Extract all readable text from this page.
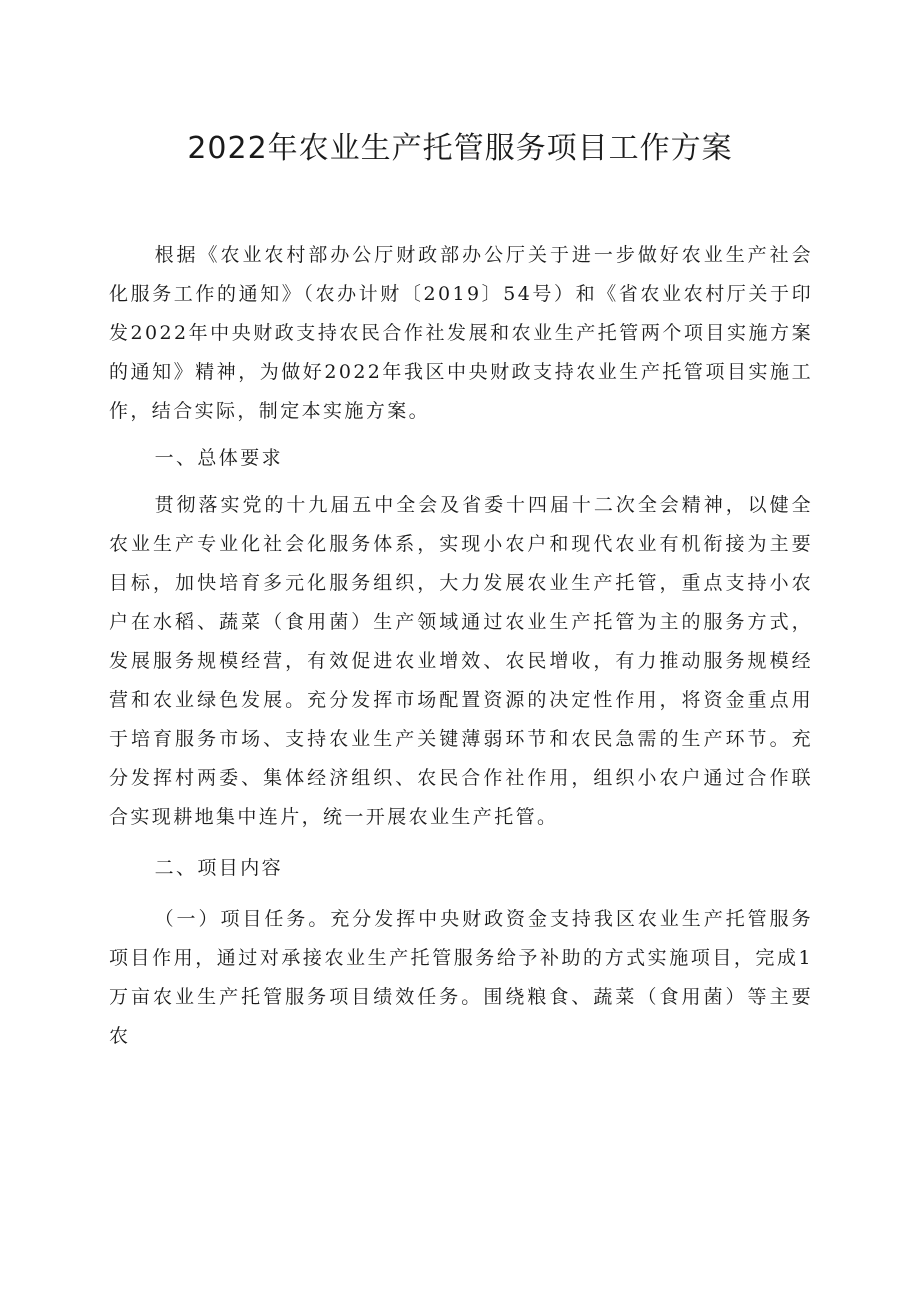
2022年农业生产托管服务项目工作方案

根据《农业农村部办公厅财政部办公厅关于进一步做好农业生产社会化服务工作的通知》（农办计财〔2019〕54号）和《省农业农村厅关于印发2022年中央财政支持农民合作社发展和农业生产托管两个项目实施方案的通知》精神，为做好2022年我区中央财政支持农业生产托管项目实施工作，结合实际，制定本实施方案。

一、总体要求

贯彻落实党的十九届五中全会及省委十四届十二次全会精神，以健全农业生产专业化社会化服务体系，实现小农户和现代农业有机衔接为主要目标，加快培育多元化服务组织，大力发展农业生产托管，重点支持小农户在水稻、蔬菜（食用菌）生产领域通过农业生产托管为主的服务方式，发展服务规模经营，有效促进农业增效、农民增收，有力推动服务规模经营和农业绿色发展。充分发挥市场配置资源的决定性作用，将资金重点用于培育服务市场、支持农业生产关键薄弱环节和农民急需的生产环节。充分发挥村两委、集体经济组织、农民合作社作用，组织小农户通过合作联合实现耕地集中连片，统一开展农业生产托管。

二、项目内容

（一）项目任务。充分发挥中央财政资金支持我区农业生产托管服务项目作用，通过对承接农业生产托管服务给予补助的方式实施项目，完成1万亩农业生产托管服务项目绩效任务。围绕粮食、蔬菜（食用菌）等主要农
